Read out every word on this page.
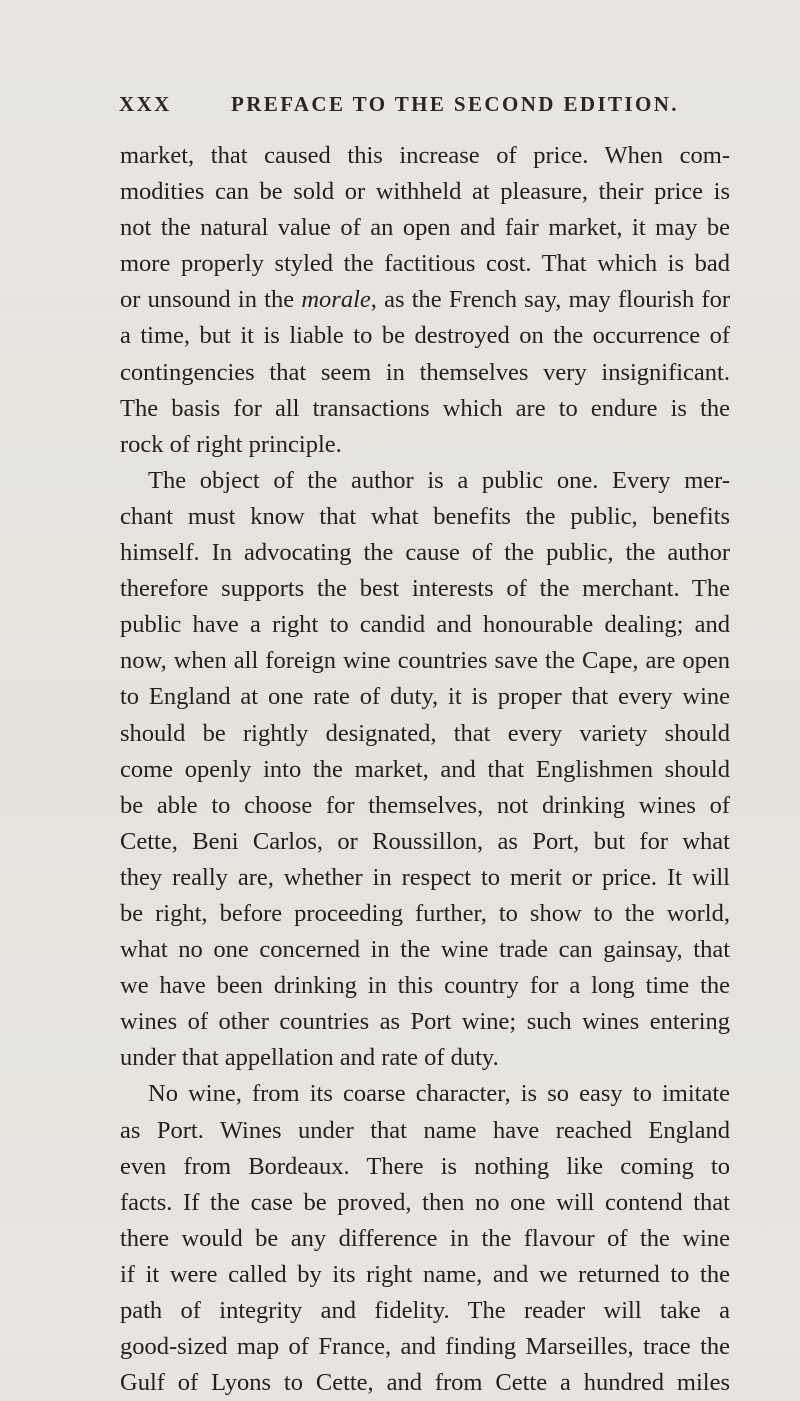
XXX	PREFACE TO THE SECOND EDITION.
market, that caused this increase of price. When com-
modities can be sold or withheld at pleasure, their price is
not the natural value of an open and fair market, it may be
more properly styled the factitious cost. That which is bad
or unsound in the morale, as the French say, may flourish for
a time, but it is liable to be destroyed on the occurrence of
contingencies that seem in themselves very insignificant.
The basis for all transactions which are to endure is the
rock of right principle.
The object of the author is a public one. Every mer-
chant must know that what benefits the public, benefits
himself. In advocating the cause of the public, the author
therefore supports the best interests of the merchant. The
public have a right to candid and honourable dealing; and
now, when all foreign wine countries save the Cape, are open
to England at one rate of duty, it is proper that every wine
should be rightly designated, that every variety should
come openly into the market, and that Englishmen should
be able to choose for themselves, not drinking wines of
Cette, Beni Carlos, or Roussillon, as Port, but for what
they really are, whether in respect to merit or price. It will
be right, before proceeding further, to show to the world,
what no one concerned in the wine trade can gainsay, that
we have been drinking in this country for a long time the
wines of other countries as Port wine; such wines entering
under that appellation and rate of duty.
No wine, from its coarse character, is so easy to imitate
as Port. Wines under that name have reached England
even from Bordeaux. There is nothing like coming to
facts. If the case be proved, then no one will contend that
there would be any difference in the flavour of the wine
if it were called by its right name, and we returned to the
path of integrity and fidelity. The reader will take a
good-sized map of France, and finding Marseilles, trace the
Gulf of Lyons to Cette, and from Cette a hundred miles
